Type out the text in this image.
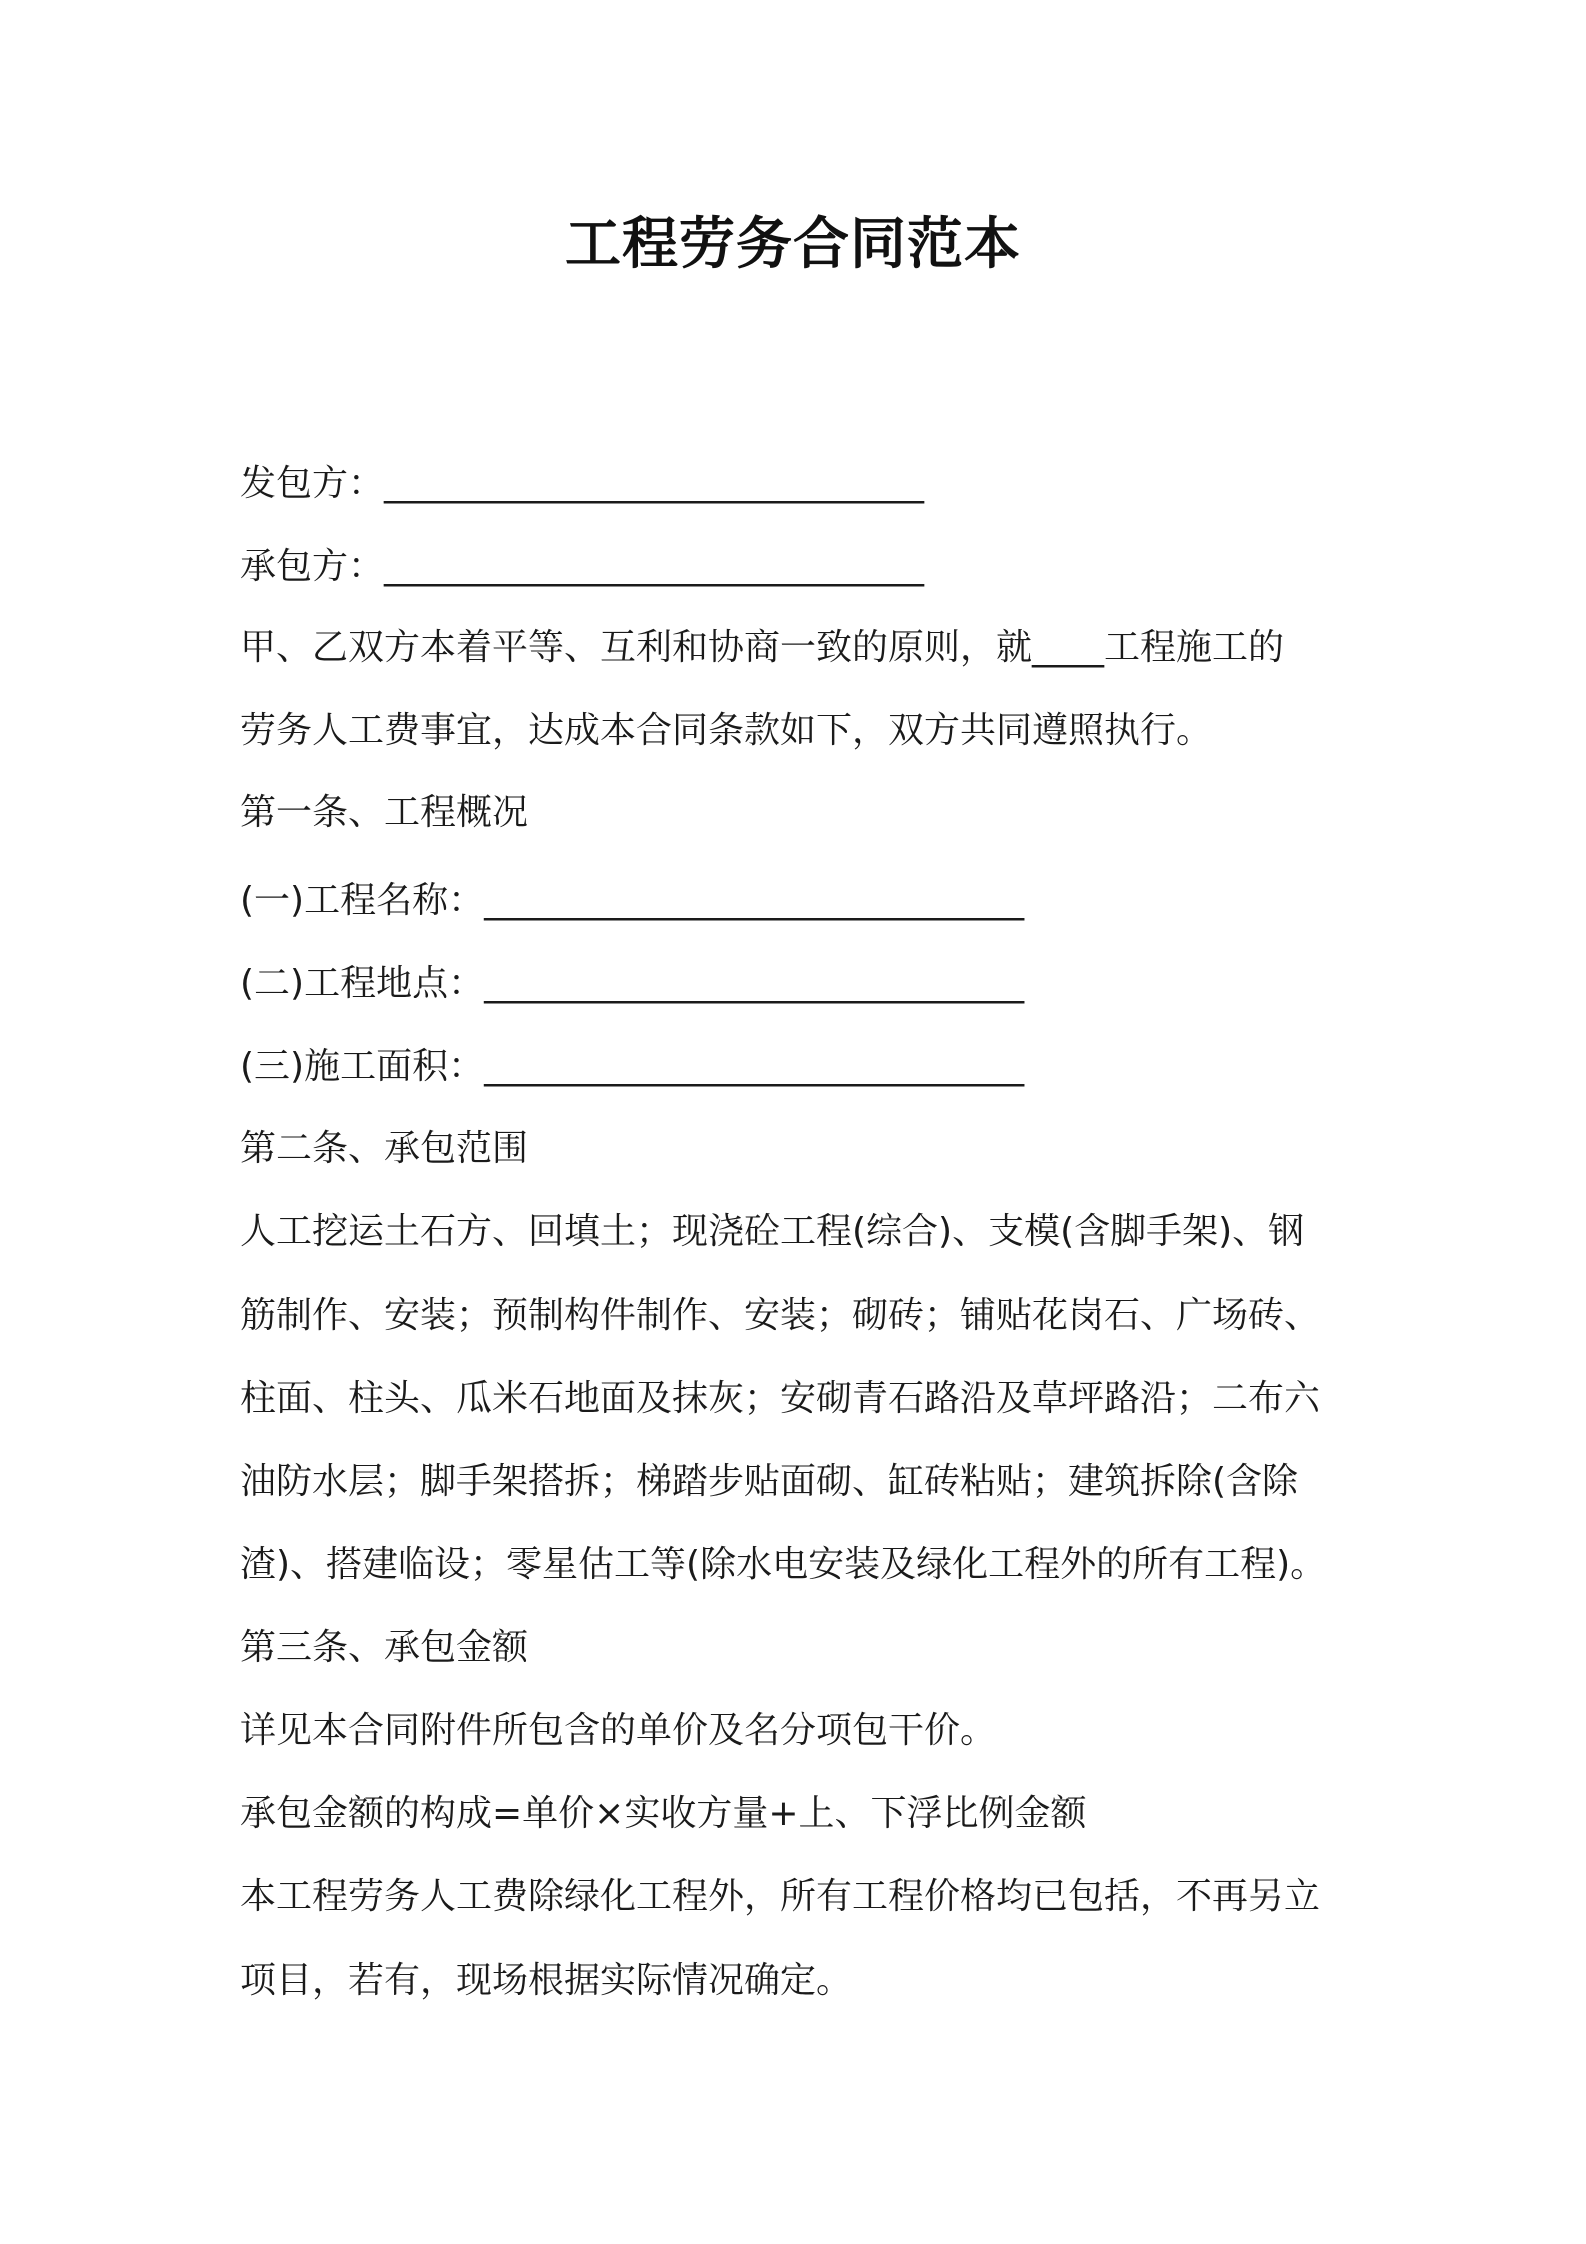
工程劳务合同范本
发包方：______________________________
承包方：______________________________
甲、乙双方本着平等、互利和协商一致的原则，就____工程施工的
劳务人工费事宜，达成本合同条款如下，双方共同遵照执行。
第一条、工程概况
(一)工程名称：______________________________
(二)工程地点：______________________________
(三)施工面积：______________________________
第二条、承包范围
人工挖运土石方、回填土；现浇砼工程(综合)、支模(含脚手架)、钢
筋制作、安装；预制构件制作、安装；砌砖；铺贴花岗石、广场砖、
柱面、柱头、瓜米石地面及抹灰；安砌青石路沿及草坪路沿；二布六
油防水层；脚手架搭拆；梯踏步贴面砌、缸砖粘贴；建筑拆除(含除
渣)、搭建临设；零星估工等(除水电安装及绿化工程外的所有工程)。
第三条、承包金额
详见本合同附件所包含的单价及名分项包干价。
承包金额的构成=单价×实收方量+上、下浮比例金额
本工程劳务人工费除绿化工程外，所有工程价格均已包括，不再另立
项目，若有，现场根据实际情况确定。
